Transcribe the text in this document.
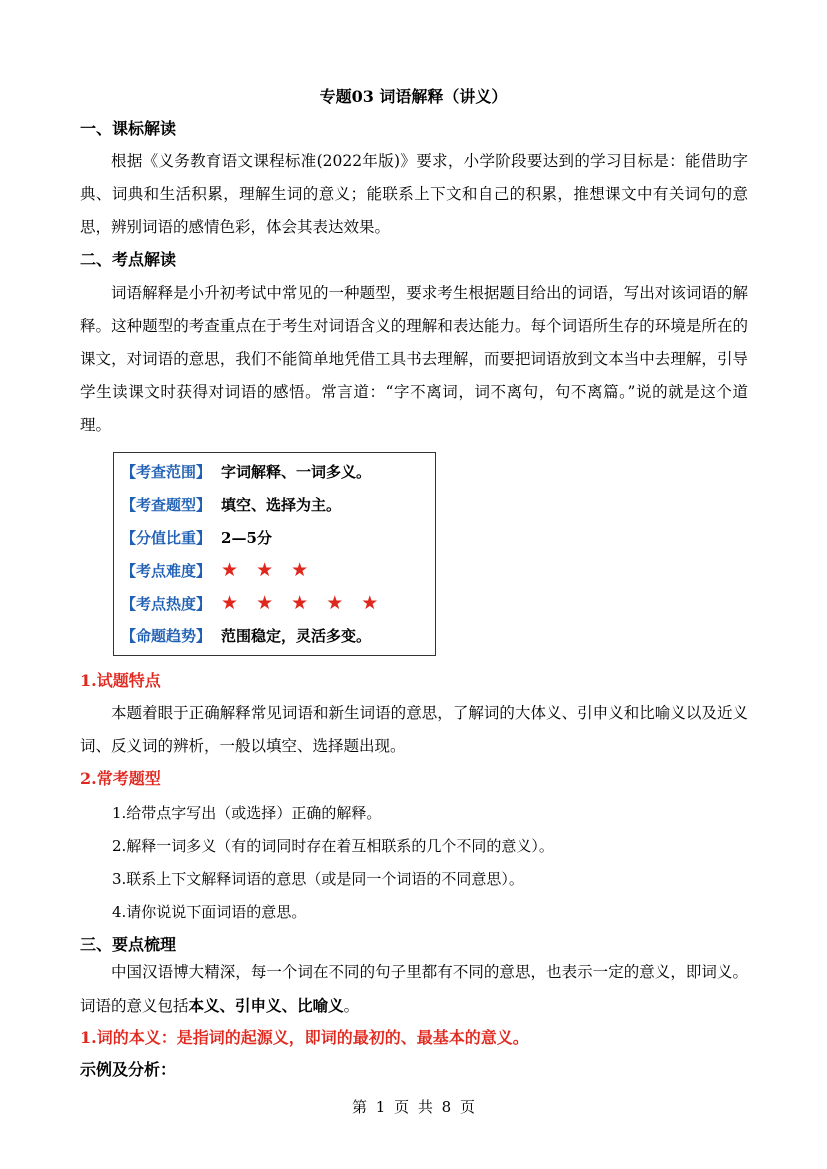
专题03 词语解释（讲义）
一、课标解读
根据《义务教育语文课程标准(2022年版)》要求，小学阶段要达到的学习目标是：能借助字典、词典和生活积累，理解生词的意义；能联系上下文和自己的积累，推想课文中有关词句的意思，辨别词语的感情色彩，体会其表达效果。
二、考点解读
词语解释是小升初考试中常见的一种题型，要求考生根据题目给出的词语，写出对该词语的解释。这种题型的考查重点在于考生对词语含义的理解和表达能力。每个词语所生存的环境是所在的课文，对词语的意思，我们不能简单地凭借工具书去理解，而要把词语放到文本当中去理解，引导学生读课文时获得对词语的感悟。常言道：“字不离词，词不离句，句不离篇。”说的就是这个道理。
【考查范围】 字词解释、一词多义。
【考查题型】 填空、选择为主。
【分值比重】 2—5分
【考点难度】 ★ ★ ★
【考点热度】 ★ ★ ★ ★ ★
【命题趋势】 范围稳定，灵活多变。
1.试题特点
本题着眼于正确解释常见词语和新生词语的意思，了解词的大体义、引申义和比喻义以及近义词、反义词的辨析，一般以填空、选择题出现。
2.常考题型
1.给带点字写出（或选择）正确的解释。
2.解释一词多义（有的词同时存在着互相联系的几个不同的意义）。
3.联系上下文解释词语的意思（或是同一个词语的不同意思）。
4.请你说说下面词语的意思。
三、要点梳理
中国汉语博大精深，每一个词在不同的句子里都有不同的意思，也表示一定的意义，即词义。词语的意义包括本义、引申义、比喻义。
1.词的本义：是指词的起源义，即词的最初的、最基本的意义。
示例及分析：
第 1 页 共 8 页
